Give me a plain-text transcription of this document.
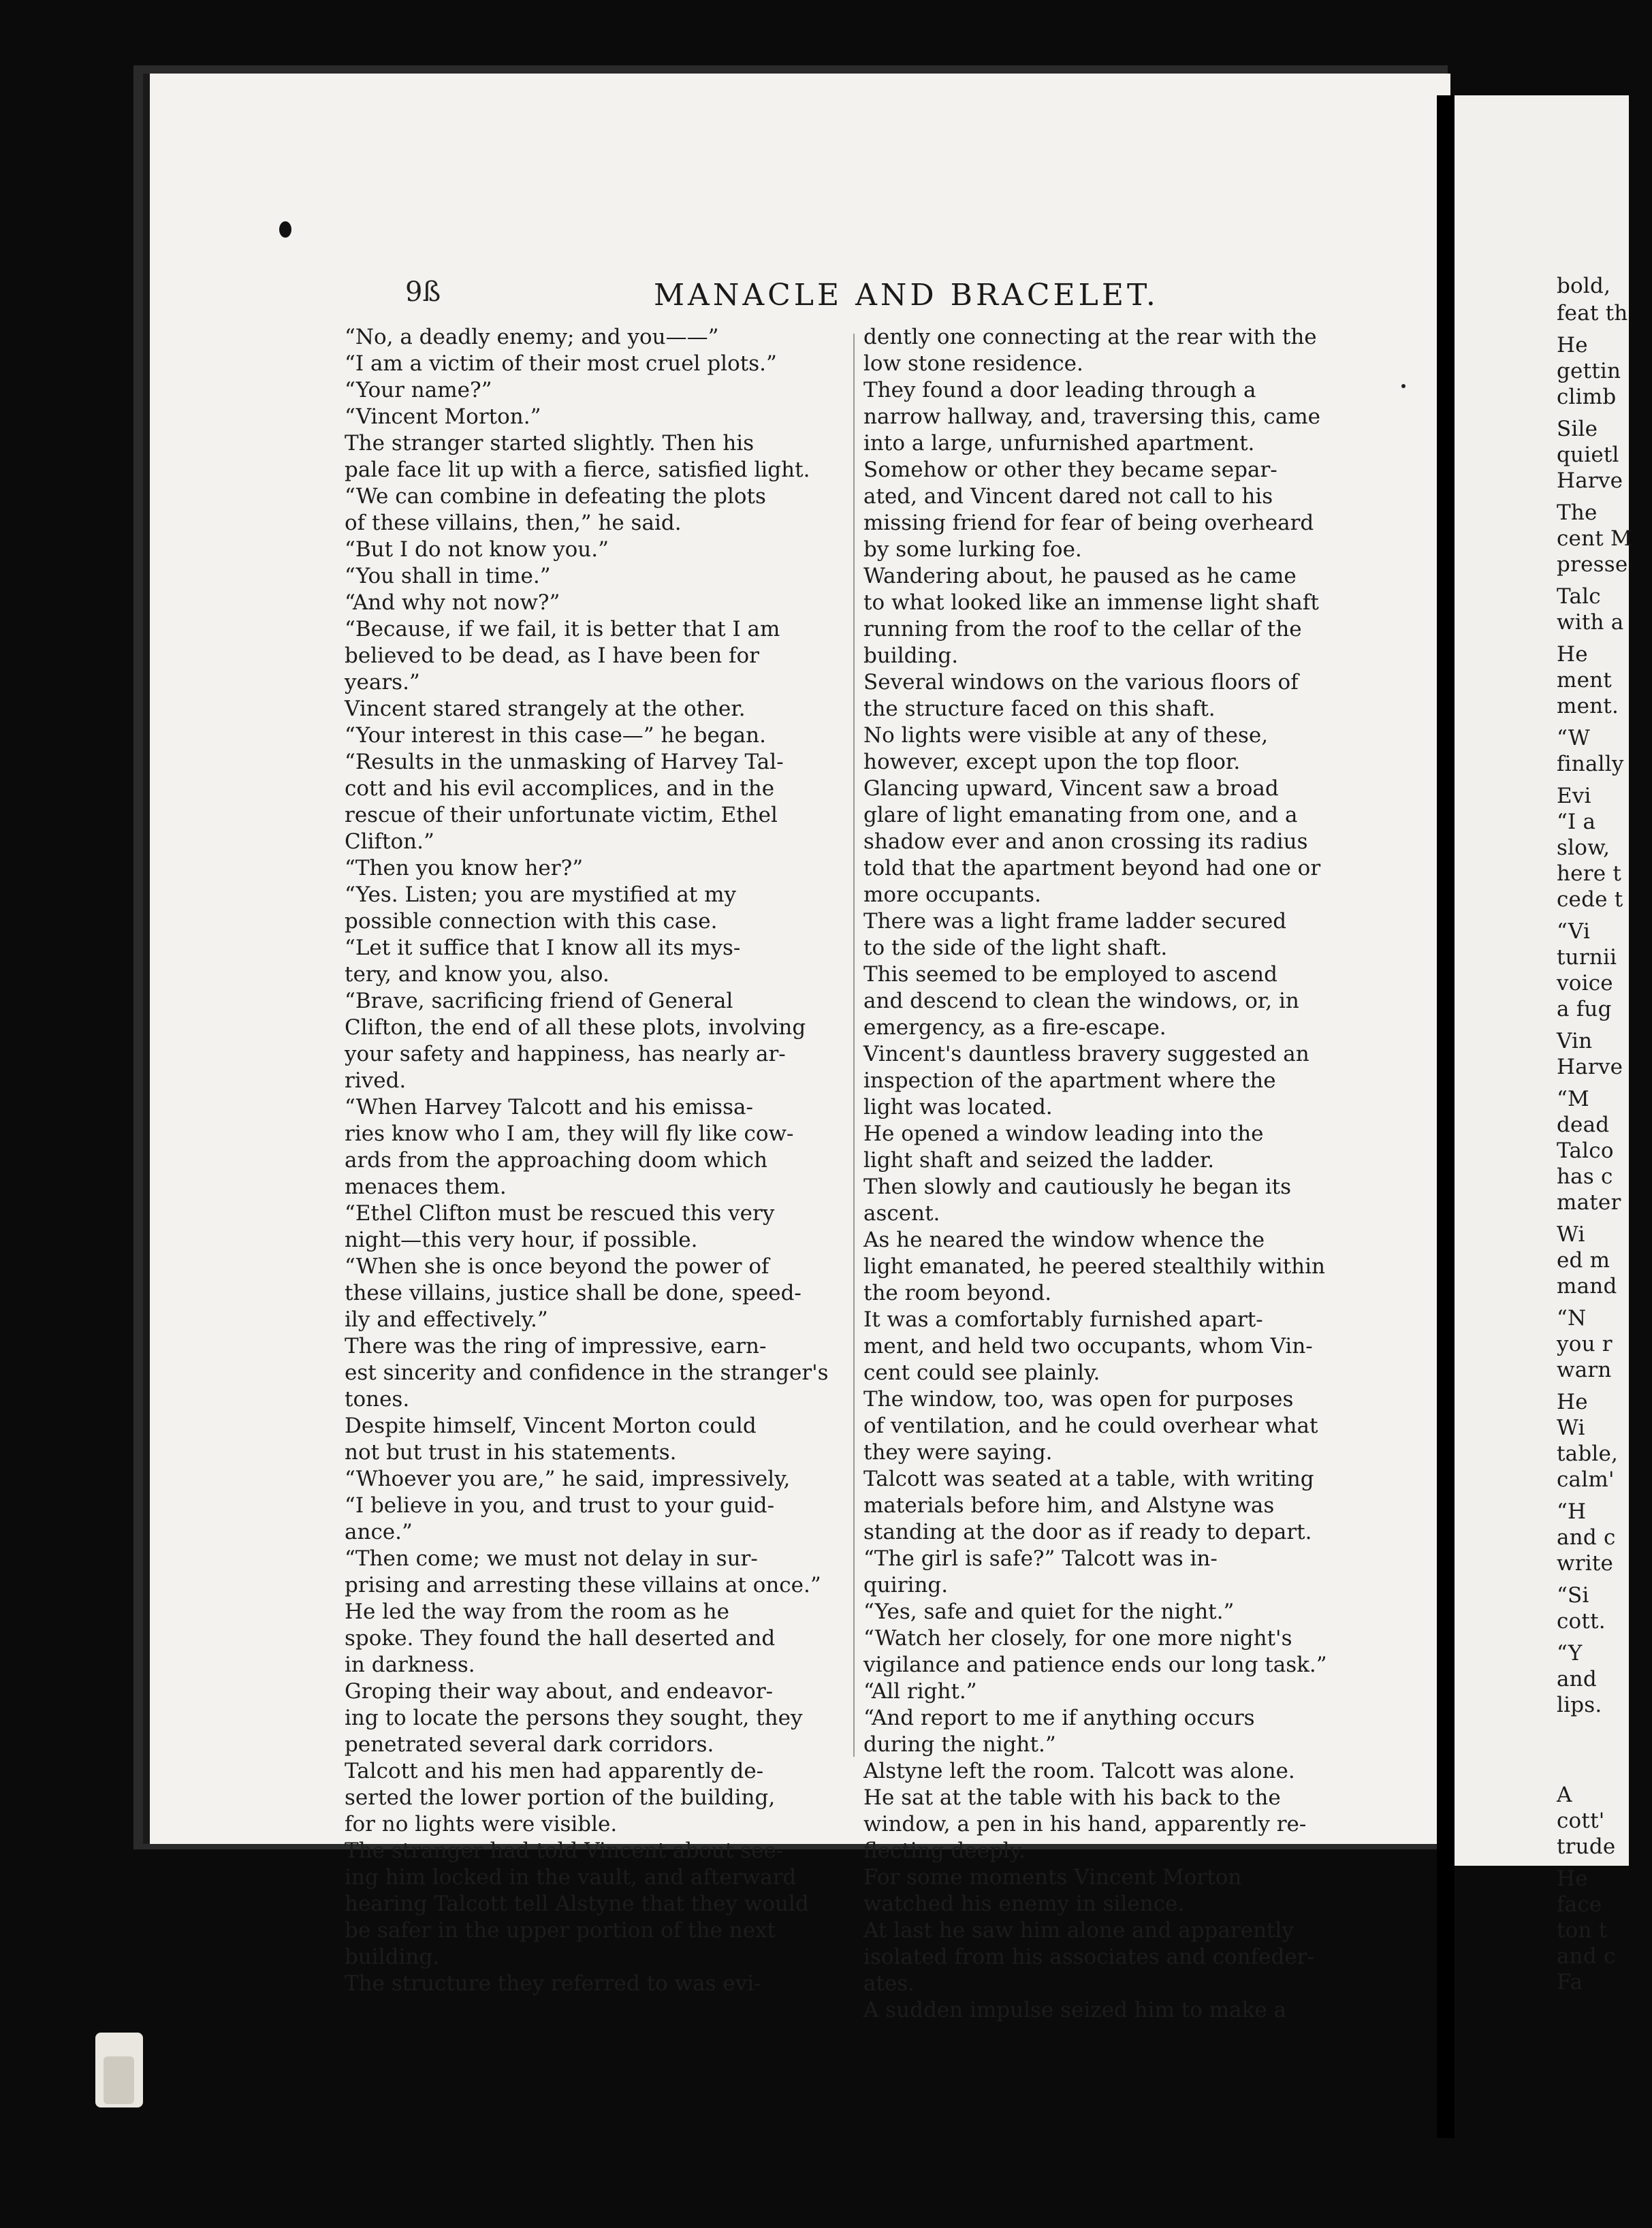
9ß	MANACLE AND BRACELET.
“No, a deadly enemy; and you——”
“I am a victim of their most cruel plots.”
“Your name?”
“Vincent Morton.”
The stranger started slightly. Then his
pale face lit up with a fierce, satisfied light.
“We can combine in defeating the plots
of these villains, then,” he said.
“But I do not know you.”
“You shall in time.”
“And why not now?”
“Because, if we fail, it is better that I am
believed to be dead, as I have been for
years.”
Vincent stared strangely at the other.
“Your interest in this case—” he began.
“Results in the unmasking of Harvey Tal-
cott and his evil accomplices, and in the
rescue of their unfortunate victim, Ethel
Clifton.”
“Then you know her?”
“Yes. Listen; you are mystified at my
possible connection with this case.
“Let it suffice that I know all its mys-
tery, and know you, also.
“Brave, sacrificing friend of General
Clifton, the end of all these plots, involving
your safety and happiness, has nearly ar-
rived.
“When Harvey Talcott and his emissa-
ries know who I am, they will fly like cow-
ards from the approaching doom which
menaces them.
“Ethel Clifton must be rescued this very
night—this very hour, if possible.
“When she is once beyond the power of
these villains, justice shall be done, speed-
ily and effectively.”
There was the ring of impressive, earn-
est sincerity and confidence in the stranger's
tones.
Despite himself, Vincent Morton could
not but trust in his statements.
“Whoever you are,” he said, impressively,
“I believe in you, and trust to your guid-
ance.”
“Then come; we must not delay in sur-
prising and arresting these villains at once.”
He led the way from the room as he
spoke. They found the hall deserted and
in darkness.
Groping their way about, and endeavor-
ing to locate the persons they sought, they
penetrated several dark corridors.
Talcott and his men had apparently de-
serted the lower portion of the building,
for no lights were visible.
The stranger had told Vincent about see-
ing him locked in the vault, and afterward
hearing Talcott tell Alstyne that they would
be safer in the upper portion of the next
building.
The structure they referred to was evi-
dently one connecting at the rear with the
low stone residence.
They found a door leading through a
narrow hallway, and, traversing this, came
into a large, unfurnished apartment.
Somehow or other they became separ-
ated, and Vincent dared not call to his
missing friend for fear of being overheard
by some lurking foe.
Wandering about, he paused as he came
to what looked like an immense light shaft
running from the roof to the cellar of the
building.
Several windows on the various floors of
the structure faced on this shaft.
No lights were visible at any of these,
however, except upon the top floor.
Glancing upward, Vincent saw a broad
glare of light emanating from one, and a
shadow ever and anon crossing its radius
told that the apartment beyond had one or
more occupants.
There was a light frame ladder secured
to the side of the light shaft.
This seemed to be employed to ascend
and descend to clean the windows, or, in
emergency, as a fire-escape.
Vincent's dauntless bravery suggested an
inspection of the apartment where the
light was located.
He opened a window leading into the
light shaft and seized the ladder.
Then slowly and cautiously he began its
ascent.
As he neared the window whence the
light emanated, he peered stealthily within
the room beyond.
It was a comfortably furnished apart-
ment, and held two occupants, whom Vin-
cent could see plainly.
The window, too, was open for purposes
of ventilation, and he could overhear what
they were saying.
Talcott was seated at a table, with writing
materials before him, and Alstyne was
standing at the door as if ready to depart.
“The girl is safe?” Talcott was in-
quiring.
“Yes, safe and quiet for the night.”
“Watch her closely, for one more night's
vigilance and patience ends our long task.”
“All right.”
“And report to me if anything occurs
during the night.”
Alstyne left the room. Talcott was alone.
He sat at the table with his back to the
window, a pen in his hand, apparently re-
flecting deeply.
For some moments Vincent Morton
watched his enemy in silence.
At last he saw him alone and apparently
isolated from his associates and confeder-
ates.
A sudden impulse seized him to make a
bold,
feat th
He
gettin
climb
Sile
quietl
Harve
The
cent M
presse
Talc
with a
He
ment
ment.
“W
finally
Evi
“I a
slow,
here t
cede t
“Vi
turnii
voice
a fug
Vin
Harve
“M
dead
Talco
has c
mater
Wi
ed m
mand
“N
you r
warn
He
Wi
table,
calm'
“H
and c
write
“Si
cott.
“Y
and
lips.
A
cott'
trude
He
face
ton t
and c
Fa
